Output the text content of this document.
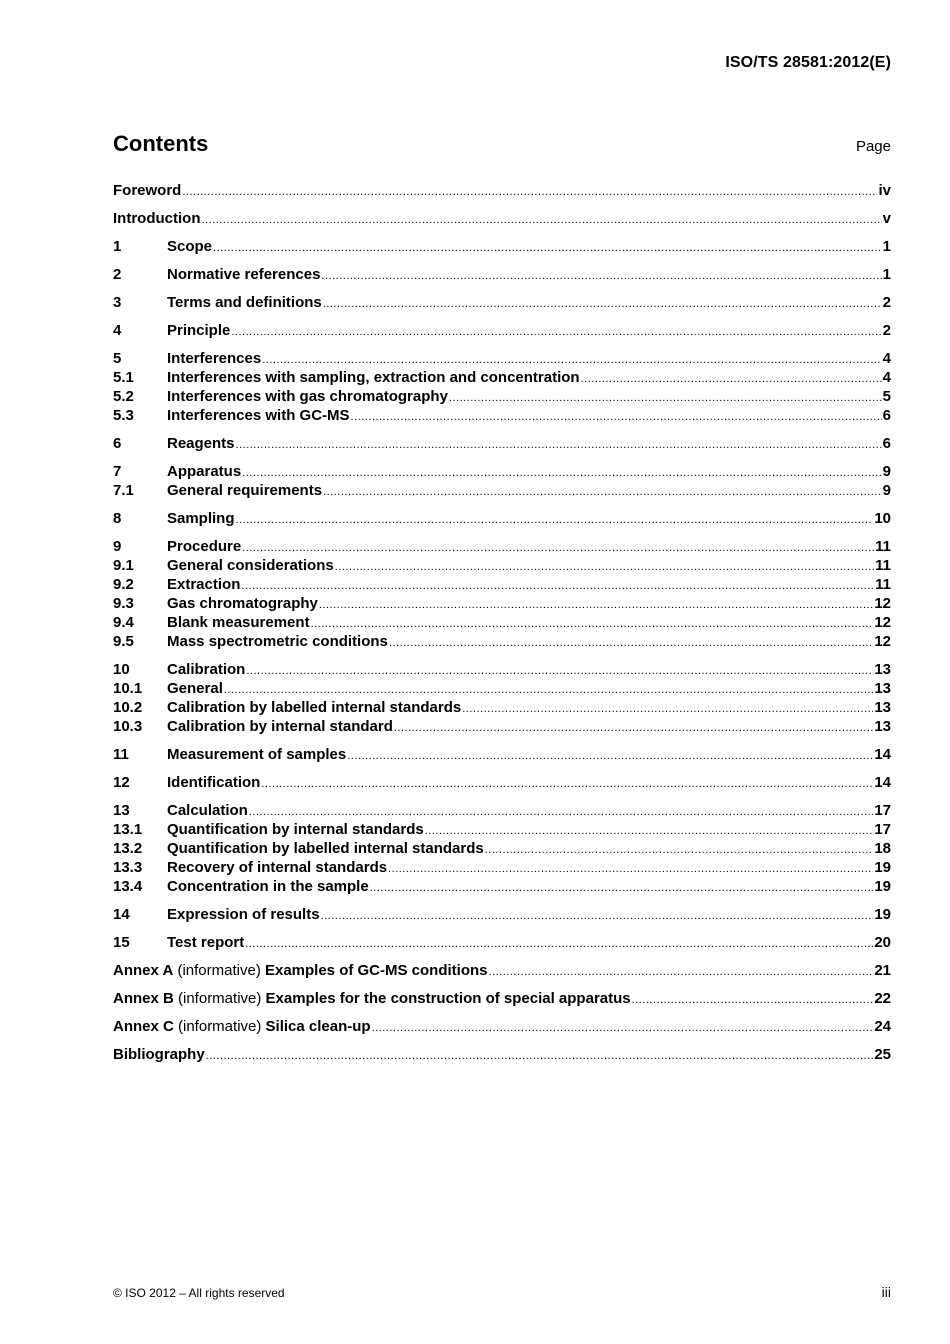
ISO/TS 28581:2012(E)
Contents	Page
Foreword .....	iv
Introduction .....	v
1	Scope .....	1
2	Normative references .....	1
3	Terms and definitions .....	2
4	Principle .....	2
5	Interferences .....	4
5.1	Interferences with sampling, extraction and concentration .....	4
5.2	Interferences with gas chromatography .....	5
5.3	Interferences with GC-MS .....	6
6	Reagents .....	6
7	Apparatus .....	9
7.1	General requirements .....	9
8	Sampling .....	10
9	Procedure .....	11
9.1	General considerations .....	11
9.2	Extraction .....	11
9.3	Gas chromatography .....	12
9.4	Blank measurement .....	12
9.5	Mass spectrometric conditions .....	12
10	Calibration .....	13
10.1	General .....	13
10.2	Calibration by labelled internal standards .....	13
10.3	Calibration by internal standard .....	13
11	Measurement of samples .....	14
12	Identification .....	14
13	Calculation .....	17
13.1	Quantification by internal standards .....	17
13.2	Quantification by labelled internal standards .....	18
13.3	Recovery of internal standards .....	19
13.4	Concentration in the sample .....	19
14	Expression of results .....	19
15	Test report .....	20
Annex A (informative) Examples of GC-MS conditions .....	21
Annex B (informative) Examples for the construction of special apparatus .....	22
Annex C (informative) Silica clean-up .....	24
Bibliography .....	25
© ISO 2012 – All rights reserved	iii
